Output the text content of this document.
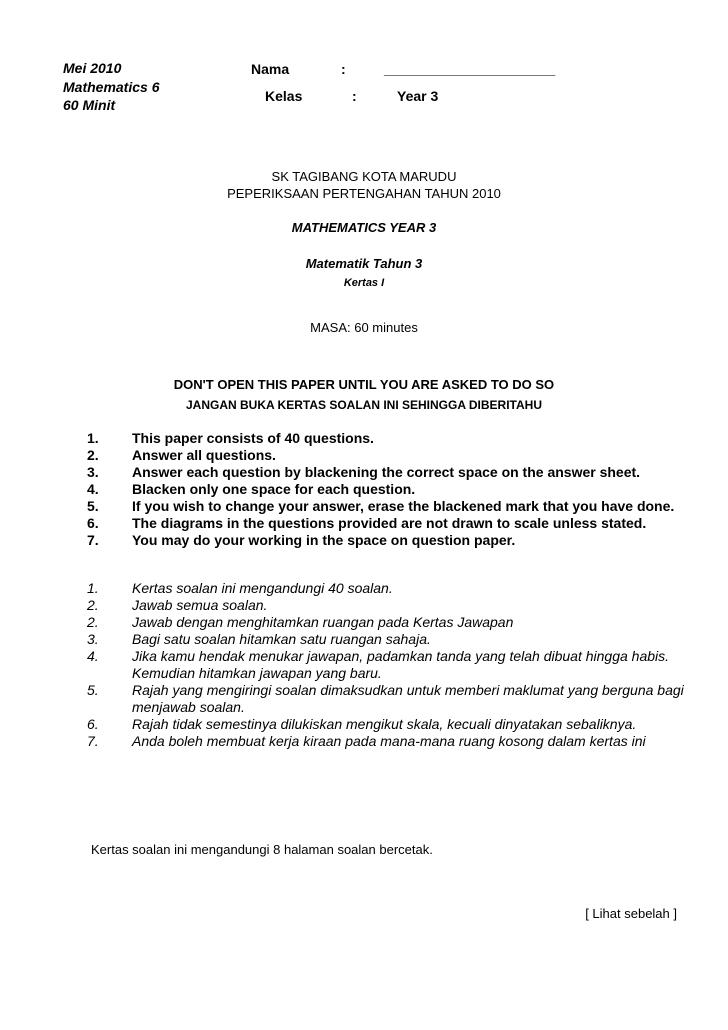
Mei 2010
Mathematics 6
60 Minit
Nama	:	______________________
Kelas	:	Year 3
SK TAGIBANG KOTA MARUDU
PEPERIKSAAN PERTENGAHAN TAHUN 2010
MATHEMATICS YEAR 3
Matematik Tahun 3
Kertas I
MASA: 60 minutes
DON'T OPEN THIS PAPER UNTIL YOU ARE ASKED TO DO SO
JANGAN BUKA KERTAS SOALAN INI SEHINGGA DIBERITAHU
1.	This paper consists of 40 questions.
2.	Answer all questions.
3.	Answer each question by blackening the correct space on the answer sheet.
4.	Blacken only one space for each question.
5.	If you wish to change your answer, erase the blackened mark that you have done.
6.	The diagrams in the questions provided are not drawn to scale unless stated.
7.	You may do your working in the space on question paper.
1.	Kertas soalan ini mengandungi 40 soalan.
2.	Jawab semua soalan.
2.	Jawab dengan menghitamkan ruangan pada Kertas Jawapan
3.	Bagi satu soalan hitamkan satu ruangan sahaja.
4.	Jika kamu hendak menukar jawapan, padamkan tanda yang telah dibuat hingga habis. Kemudian hitamkan jawapan yang baru.
5.	Rajah yang mengiringi soalan dimaksudkan untuk memberi maklumat yang berguna bagi menjawab soalan.
6.	Rajah tidak semestinya dilukiskan mengikut skala, kecuali dinyatakan sebaliknya.
7.	Anda boleh membuat kerja kiraan pada mana-mana ruang kosong dalam kertas ini
Kertas soalan ini mengandungi 8 halaman soalan bercetak.
[ Lihat sebelah ]
